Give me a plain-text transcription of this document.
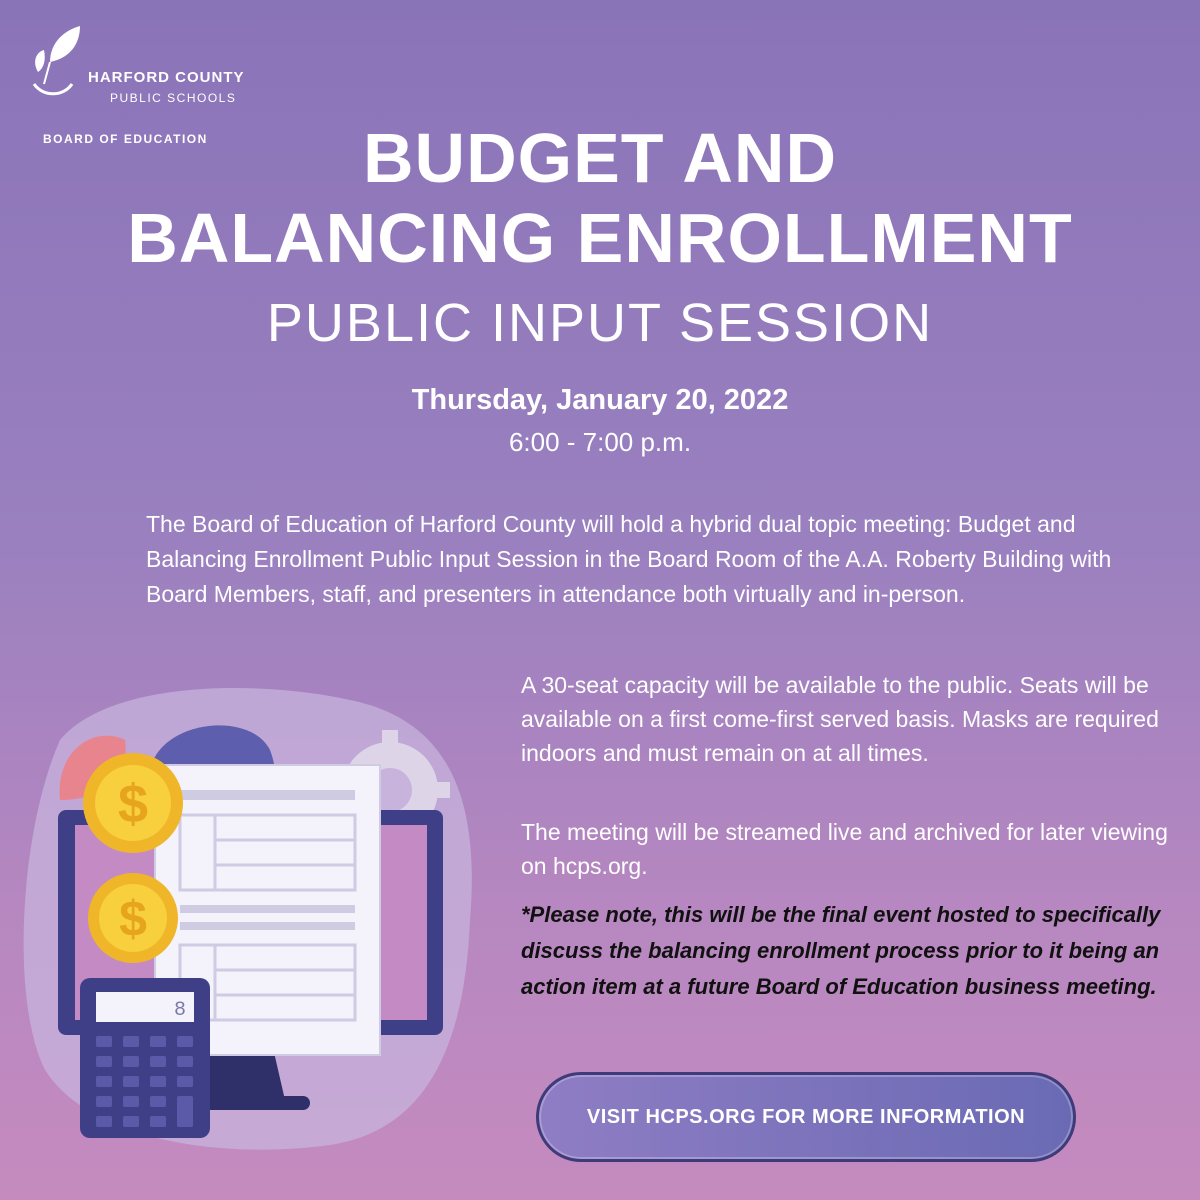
HARFORD COUNTY
PUBLIC SCHOOLS
BOARD OF EDUCATION	BUDGET AND
BALANCING ENROLLMENT
PUBLIC INPUT SESSION
Thursday, January 20, 2022
6:00 - 7:00 p.m.
The Board of Education of Harford County will hold a hybrid dual topic meeting: Budget and Balancing Enrollment Public Input Session in the Board Room of the A.A. Roberty Building with Board Members, staff, and presenters in attendance both virtually and in-person.
A 30-seat capacity will be available to the public. Seats will be available on a first come-first served basis. Masks are required indoors and must remain on at all times.
The meeting will be streamed live and archived for later viewing on hcps.org.
*Please note, this will be the final event hosted to specifically discuss the balancing enrollment process prior to it being an action item at a future Board of Education business meeting.
VISIT HCPS.ORG FOR MORE INFORMATION
$
$
8
